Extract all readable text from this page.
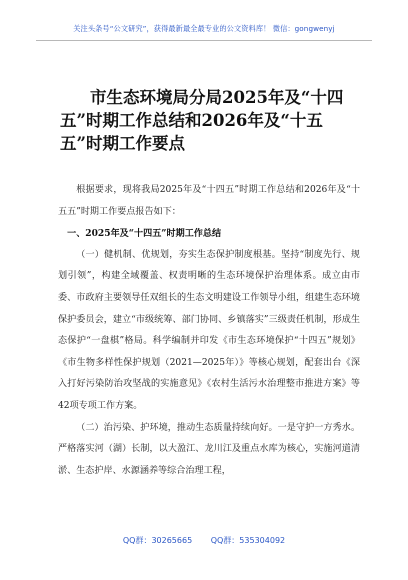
关注头条号“公文研究”，获得最新最全最专业的公文资料库！ 微信：gongwenyj
市生态环境局分局2025年及“十四
五”时期工作总结和2026年及“十五
五”时期工作要点

根据要求，现将我局2025年及“十四五”时期工作总结和2026年及“十五五”时期工作要点报告如下：

一、2025年及“十四五”时期工作总结

（一）健机制、优规划，夯实生态保护制度根基。坚持“制度先行、规划引领”，构建全域覆盖、权责明晰的生态环境保护治理体系。成立由市委、市政府主要领导任双组长的生态文明建设工作领导小组，组建生态环境保护委员会，建立“市级统筹、部门协同、乡镇落实”三级责任机制，形成生态保护“一盘棋”格局。科学编制并印发《市生态环境保护“十四五”规划》《市生物多样性保护规划（2021—2025年）》等核心规划，配套出台《深入打好污染防治攻坚战的实施意见》《农村生活污水治理整市推进方案》等42项专项工作方案。

（二）治污染、护环境，推动生态质量持续向好。一是守护一方秀水。严格落实河（湖）长制，以大盈江、龙川江及重点水库为核心，实施河道清淤、生态护岸、水源涵养等综合治理工程，

QQ群：30265665 QQ群：535304092
